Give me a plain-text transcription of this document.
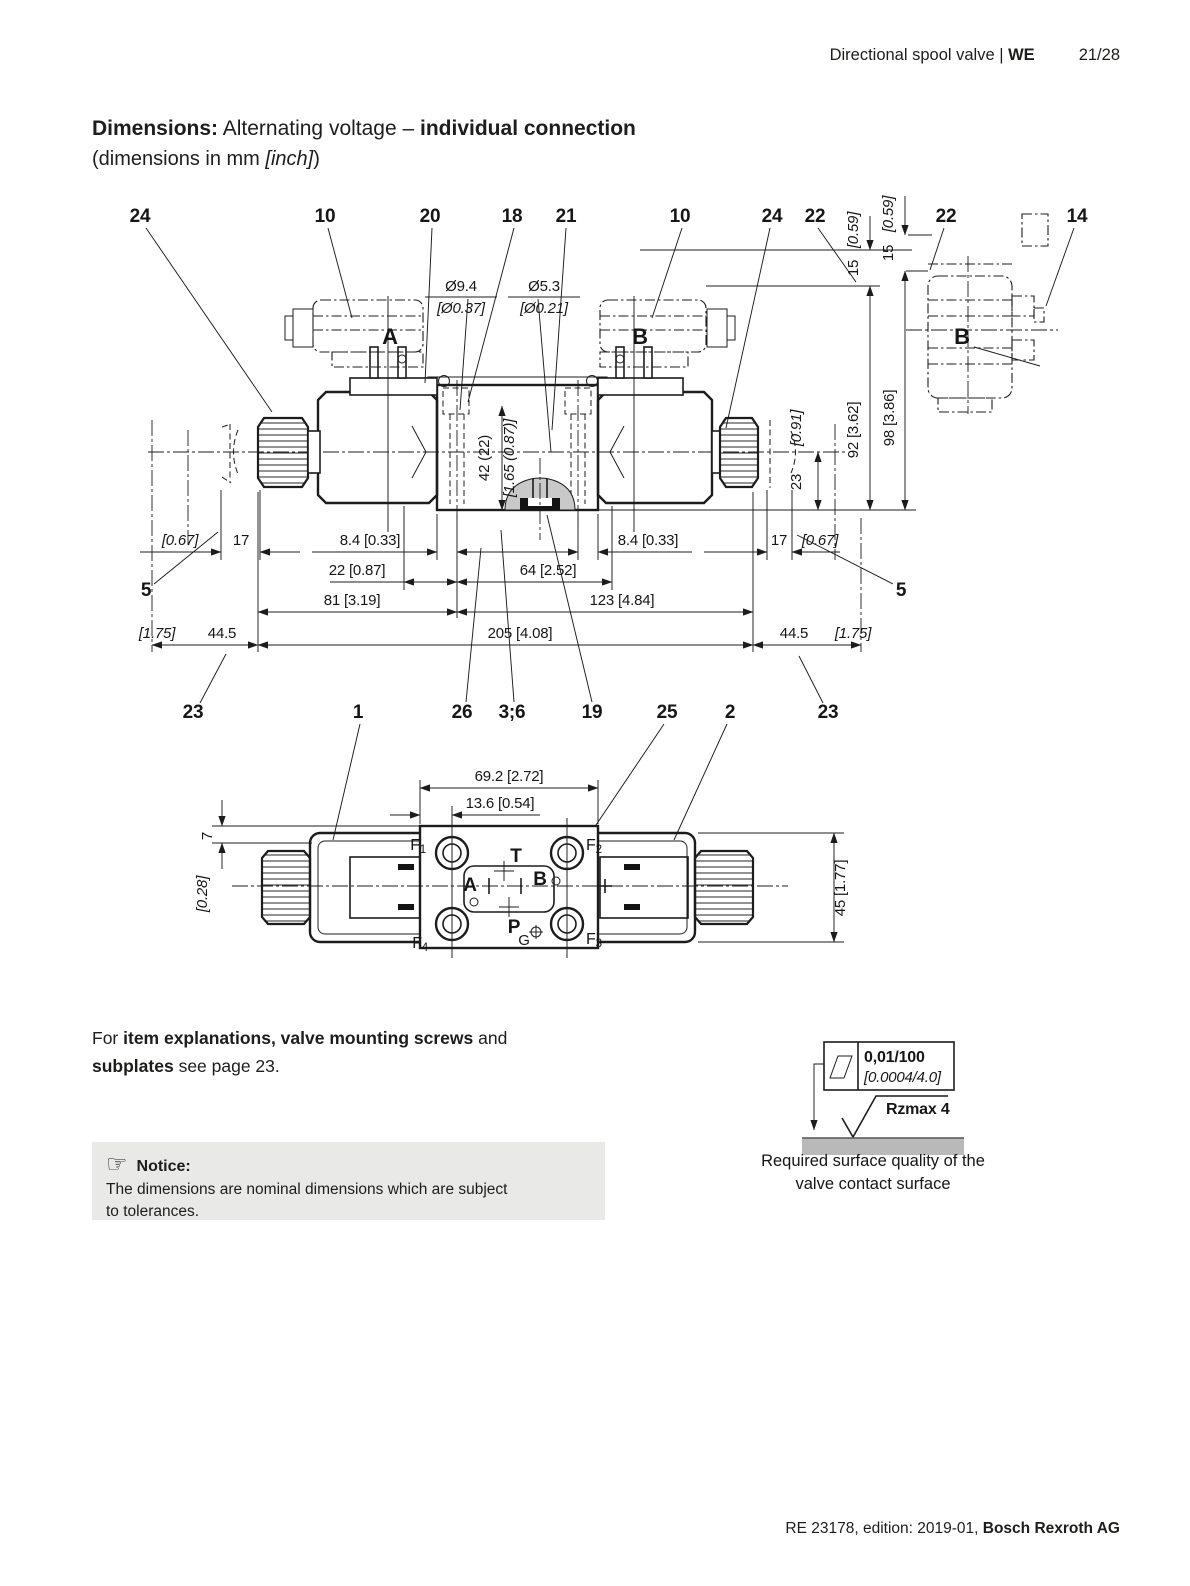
Directional spool valve | WE	21/28
Dimensions: Alternating voltage – individual connection
(dimensions in mm [inch])
A	B	B
92 [3.62] 98 [3.86]
15
[0.59]
15
[0.59]
[0.91]
23
42 (22) [1.65 (0.87)]
Ø9.4
[Ø0.37]
Ø5.3
[Ø0.21]
[0.67] 17	8.4 [0.33]	8.4 [0.33]	17 [0.67]
22 [0.87]	64 [2.52]
81 [3.19]	123 [4.84]
[1.75] 44.5	205 [4.08]	44.5 [1.75]
24	10	20	18 21	10	24 22	22	14
5	5
23	1	26 3;6	19	25 2	23
T
A	B
P
G
F1	F2
F3
F4
69.2 [2.72]
13.6 [0.54]
7
[0.28]	45 [1.77]
0,01/100
[0.0004/4.0]
Rzmax 4
Required surface quality of the
valve contact surface
For item explanations, valve mounting screws and
subplates see page 23.
☞ Notice:
The dimensions are nominal dimensions which are subject
to tolerances.
RE 23178, edition: 2019-01, Bosch Rexroth AG
